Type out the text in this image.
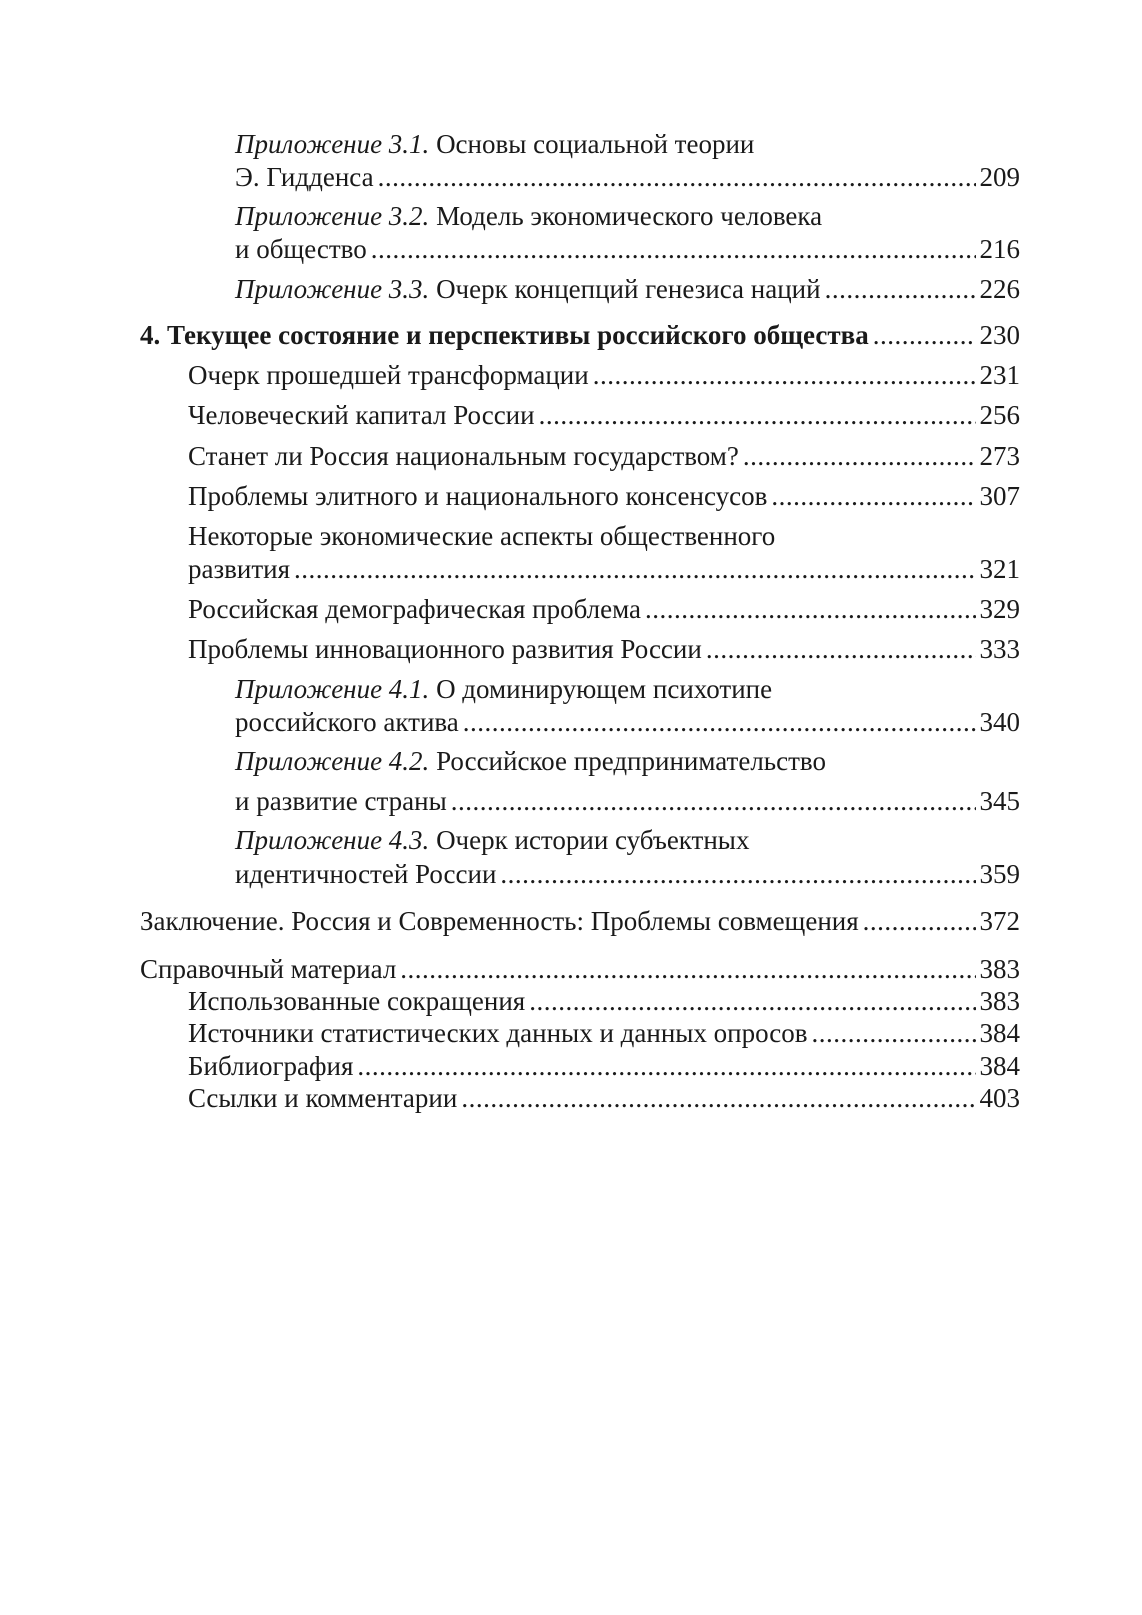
Приложение 3.1. Основы социальной теории
Э. Гидденса .....	209
Приложение 3.2. Модель экономического человека
и общество .....	216
Приложение 3.3. Очерк концепций генезиса наций .....	226
4. Текущее состояние и перспективы российского общества .....	230
Очерк прошедшей трансформации .....	231
Человеческий капитал России .....	256
Станет ли Россия национальным государством? .....	273
Проблемы элитного и национального консенсусов .....	307
Некоторые экономические аспекты общественного
развития .....	321
Российская демографическая проблема .....	329
Проблемы инновационного развития России .....	333
Приложение 4.1. О доминирующем психотипе
российского актива .....	340
Приложение 4.2. Российское предпринимательство
и развитие страны .....	345
Приложение 4.3. Очерк истории субъектных
идентичностей России .....	359
Заключение. Россия и Современность: Проблемы совмещения .....	372
Справочный материал .....	383
Использованные сокращения .....	383
Источники статистических данных и данных опросов .....	384
Библиография .....	384
Ссылки и комментарии .....	403
